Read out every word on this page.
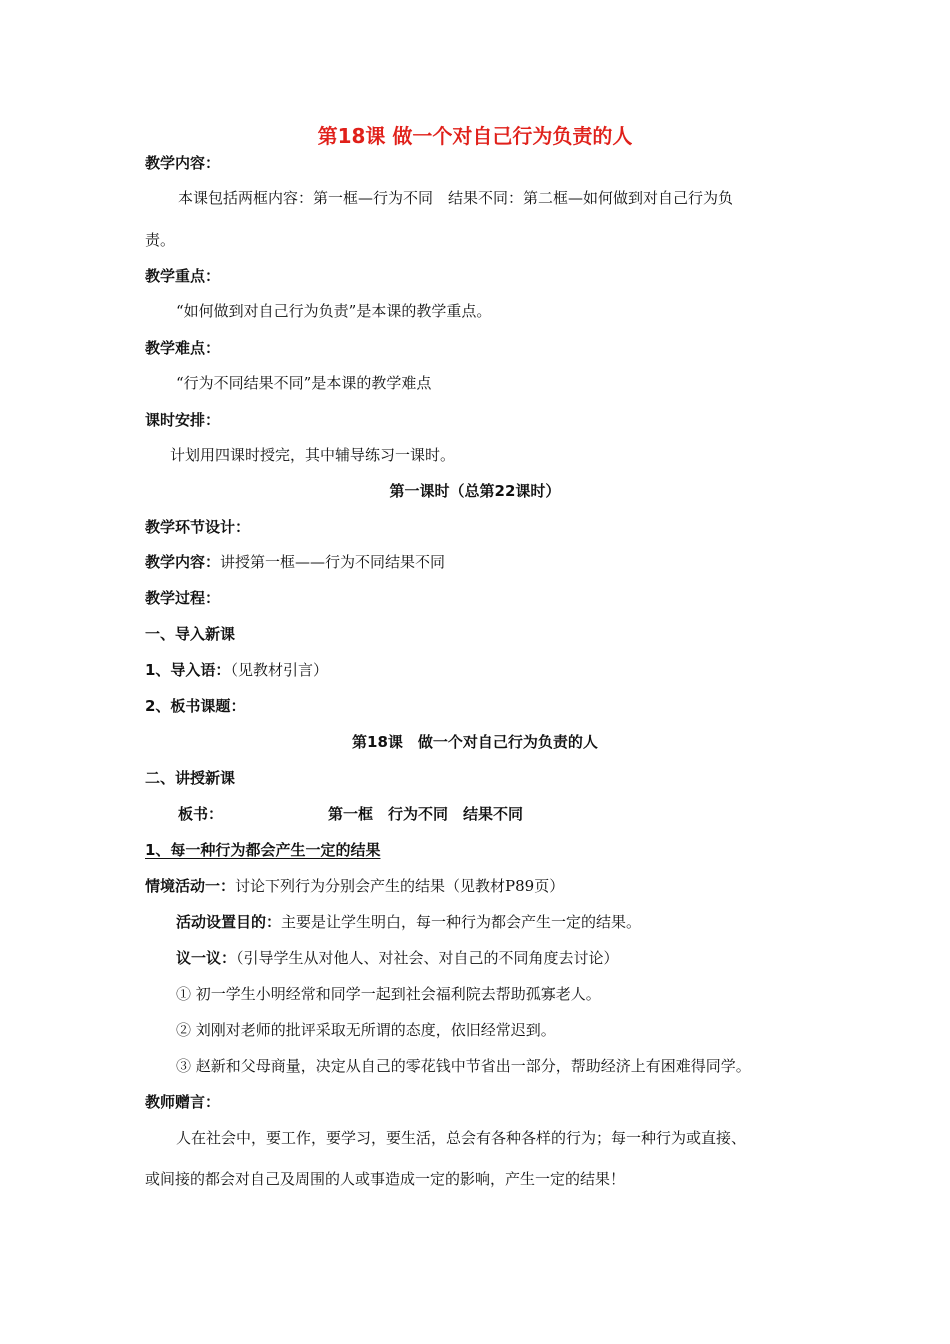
第18课 做一个对自己行为负责的人
教学内容：
本课包括两框内容：第一框—行为不同　结果不同：第二框—如何做到对自己行为负
责。
教学重点：
“如何做到对自己行为负责”是本课的教学重点。
教学难点：
“行为不同结果不同”是本课的教学难点
课时安排：
计划用四课时授完，其中辅导练习一课时。
第一课时（总第22课时）
教学环节设计：
教学内容：讲授第一框——行为不同结果不同
教学过程：
一、导入新课
1、导入语：（见教材引言）
2、板书课题：
第18课　做一个对自己行为负责的人
二、讲授新课
板书：	第一框　行为不同　结果不同
1、每一种行为都会产生一定的结果
情境活动一：讨论下列行为分别会产生的结果（见教材P89页）
活动设置目的：主要是让学生明白，每一种行为都会产生一定的结果。
议一议：（引导学生从对他人、对社会、对自己的不同角度去讨论）
① 初一学生小明经常和同学一起到社会福利院去帮助孤寡老人。
② 刘刚对老师的批评采取无所谓的态度，依旧经常迟到。
③ 赵新和父母商量，决定从自己的零花钱中节省出一部分，帮助经济上有困难得同学。
教师赠言：
人在社会中，要工作，要学习，要生活，总会有各种各样的行为；每一种行为或直接、
或间接的都会对自己及周围的人或事造成一定的影响，产生一定的结果！
